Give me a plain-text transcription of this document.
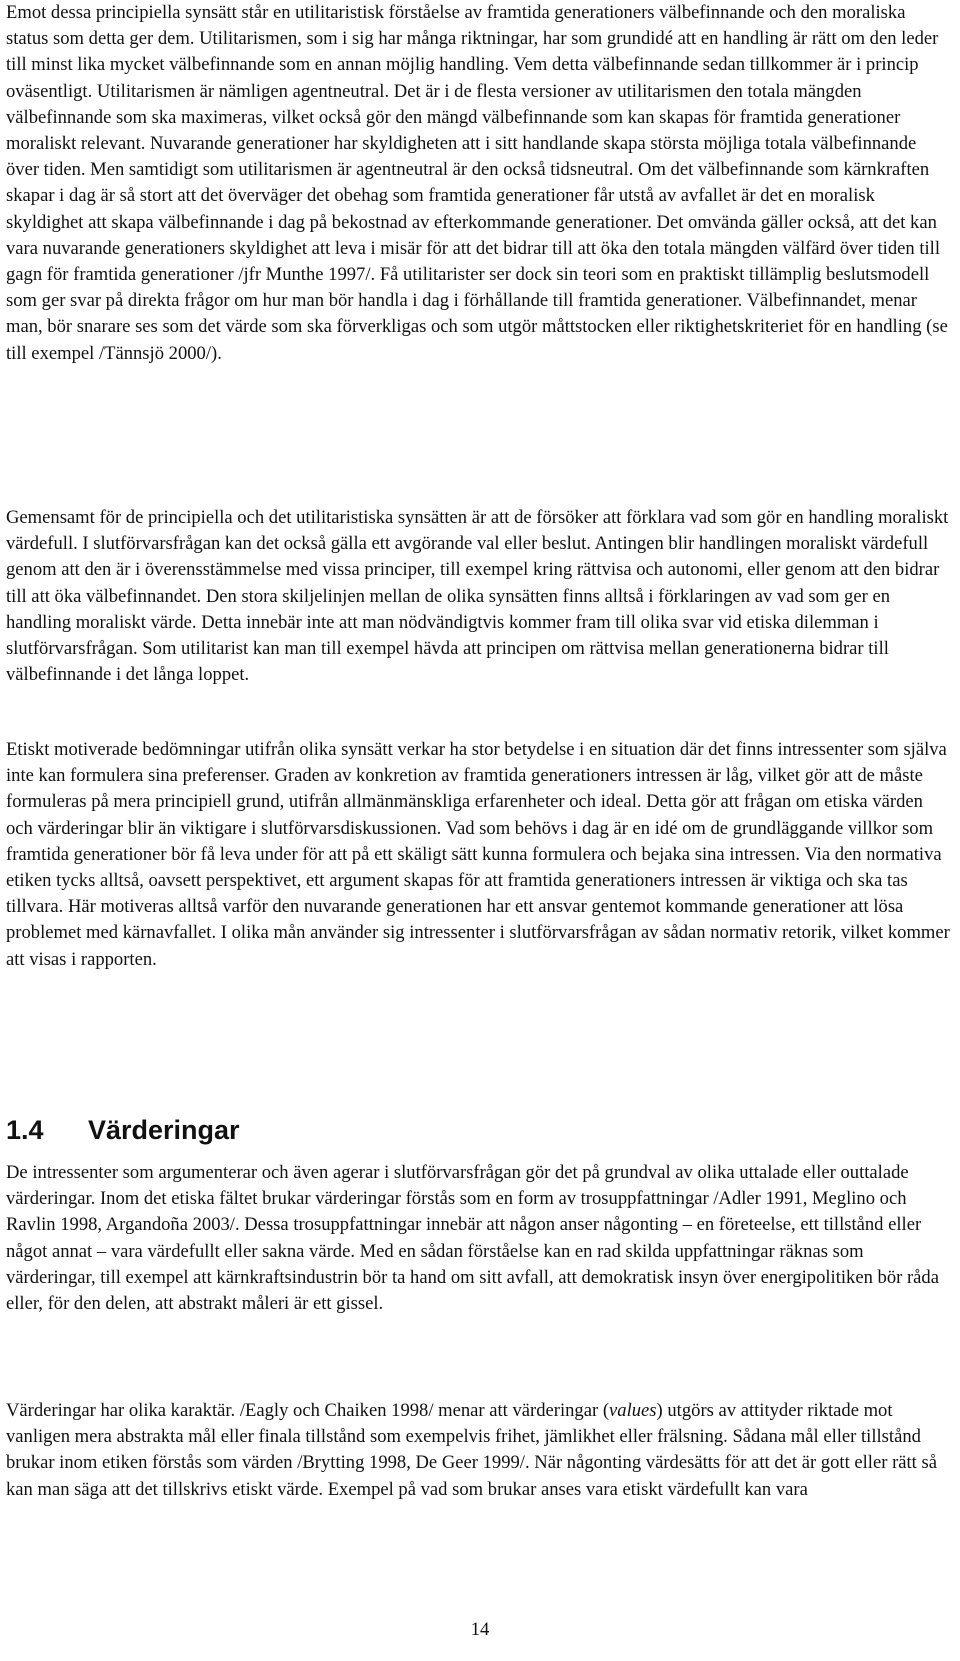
Emot dessa principiella synsätt står en utilitaristisk förståelse av framtida generationers välbefinnande och den moraliska status som detta ger dem. Utilitarismen, som i sig har många riktningar, har som grundidé att en handling är rätt om den leder till minst lika mycket välbefinnande som en annan möjlig handling. Vem detta välbefinnande sedan tillkommer är i princip oväsentligt. Utilitarismen är nämligen agentneutral. Det är i de flesta versioner av utilitarismen den totala mängden välbefinnande som ska maximeras, vilket också gör den mängd välbefinnande som kan skapas för framtida generationer moraliskt relevant. Nuvarande generationer har skyldigheten att i sitt handlande skapa största möjliga totala välbefinnande över tiden. Men samtidigt som utilitarismen är agentneutral är den också tidsneutral. Om det välbefinnande som kärnkraften skapar i dag är så stort att det överväger det obehag som framtida generationer får utstå av avfallet är det en moralisk skyldighet att skapa välbefinnande i dag på bekostnad av efterkommande generationer. Det omvända gäller också, att det kan vara nuvarande generationers skyldighet att leva i misär för att det bidrar till att öka den totala mängden välfärd över tiden till gagn för framtida generationer /jfr Munthe 1997/. Få utilitarister ser dock sin teori som en praktiskt tillämplig beslutsmodell som ger svar på direkta frågor om hur man bör handla i dag i förhållande till framtida generationer. Välbefinnandet, menar man, bör snarare ses som det värde som ska förverkligas och som utgör måttstocken eller riktighetskriteriet för en handling (se till exempel /Tännsjö 2000/).

Gemensamt för de principiella och det utilitaristiska synsätten är att de försöker att förklara vad som gör en handling moraliskt värdefull. I slutförvarsfrågan kan det också gälla ett avgörande val eller beslut. Antingen blir handlingen moraliskt värdefull genom att den är i överensstämmelse med vissa principer, till exempel kring rättvisa och autonomi, eller genom att den bidrar till att öka välbefinnandet. Den stora skiljelinjen mellan de olika synsätten finns alltså i förklaringen av vad som ger en handling moraliskt värde. Detta innebär inte att man nödvändigtvis kommer fram till olika svar vid etiska dilemman i slutförvarsfrågan. Som utilitarist kan man till exempel hävda att principen om rättvisa mellan generationerna bidrar till välbefinnande i det långa loppet.

Etiskt motiverade bedömningar utifrån olika synsätt verkar ha stor betydelse i en situation där det finns intressenter som själva inte kan formulera sina preferenser. Graden av konkretion av framtida generationers intressen är låg, vilket gör att de måste formuleras på mera principiell grund, utifrån allmänmänskliga erfarenheter och ideal. Detta gör att frågan om etiska värden och värderingar blir än viktigare i slutförvarsdiskussionen. Vad som behövs i dag är en idé om de grundläggande villkor som framtida generationer bör få leva under för att på ett skäligt sätt kunna formulera och bejaka sina intressen. Via den normativa etiken tycks alltså, oavsett perspektivet, ett argument skapas för att framtida generationers intressen är viktiga och ska tas tillvara. Här motiveras alltså varför den nuvarande generationen har ett ansvar gentemot kommande generationer att lösa problemet med kärnavfallet. I olika mån använder sig intressenter i slutförvarsfrågan av sådan normativ retorik, vilket kommer att visas i rapporten.

1.4 Värderingar

De intressenter som argumenterar och även agerar i slutförvarsfrågan gör det på grundval av olika uttalade eller outtalade värderingar. Inom det etiska fältet brukar värderingar förstås som en form av trosuppfattningar /Adler 1991, Meglino och Ravlin 1998, Argandoña 2003/. Dessa trosuppfattningar innebär att någon anser någonting – en företeelse, ett tillstånd eller något annat – vara värdefullt eller sakna värde. Med en sådan förståelse kan en rad skilda uppfattningar räknas som värderingar, till exempel att kärnkraftsindustrin bör ta hand om sitt avfall, att demokratisk insyn över energipolitiken bör råda eller, för den delen, att abstrakt måleri är ett gissel.

Värderingar har olika karaktär. /Eagly och Chaiken 1998/ menar att värderingar (values) utgörs av attityder riktade mot vanligen mera abstrakta mål eller finala tillstånd som exempelvis frihet, jämlikhet eller frälsning. Sådana mål eller tillstånd brukar inom etiken förstås som värden /Brytting 1998, De Geer 1999/. När någonting värdesätts för att det är gott eller rätt så kan man säga att det tillskrivs etiskt värde. Exempel på vad som brukar anses vara etiskt värdefullt kan vara

14
